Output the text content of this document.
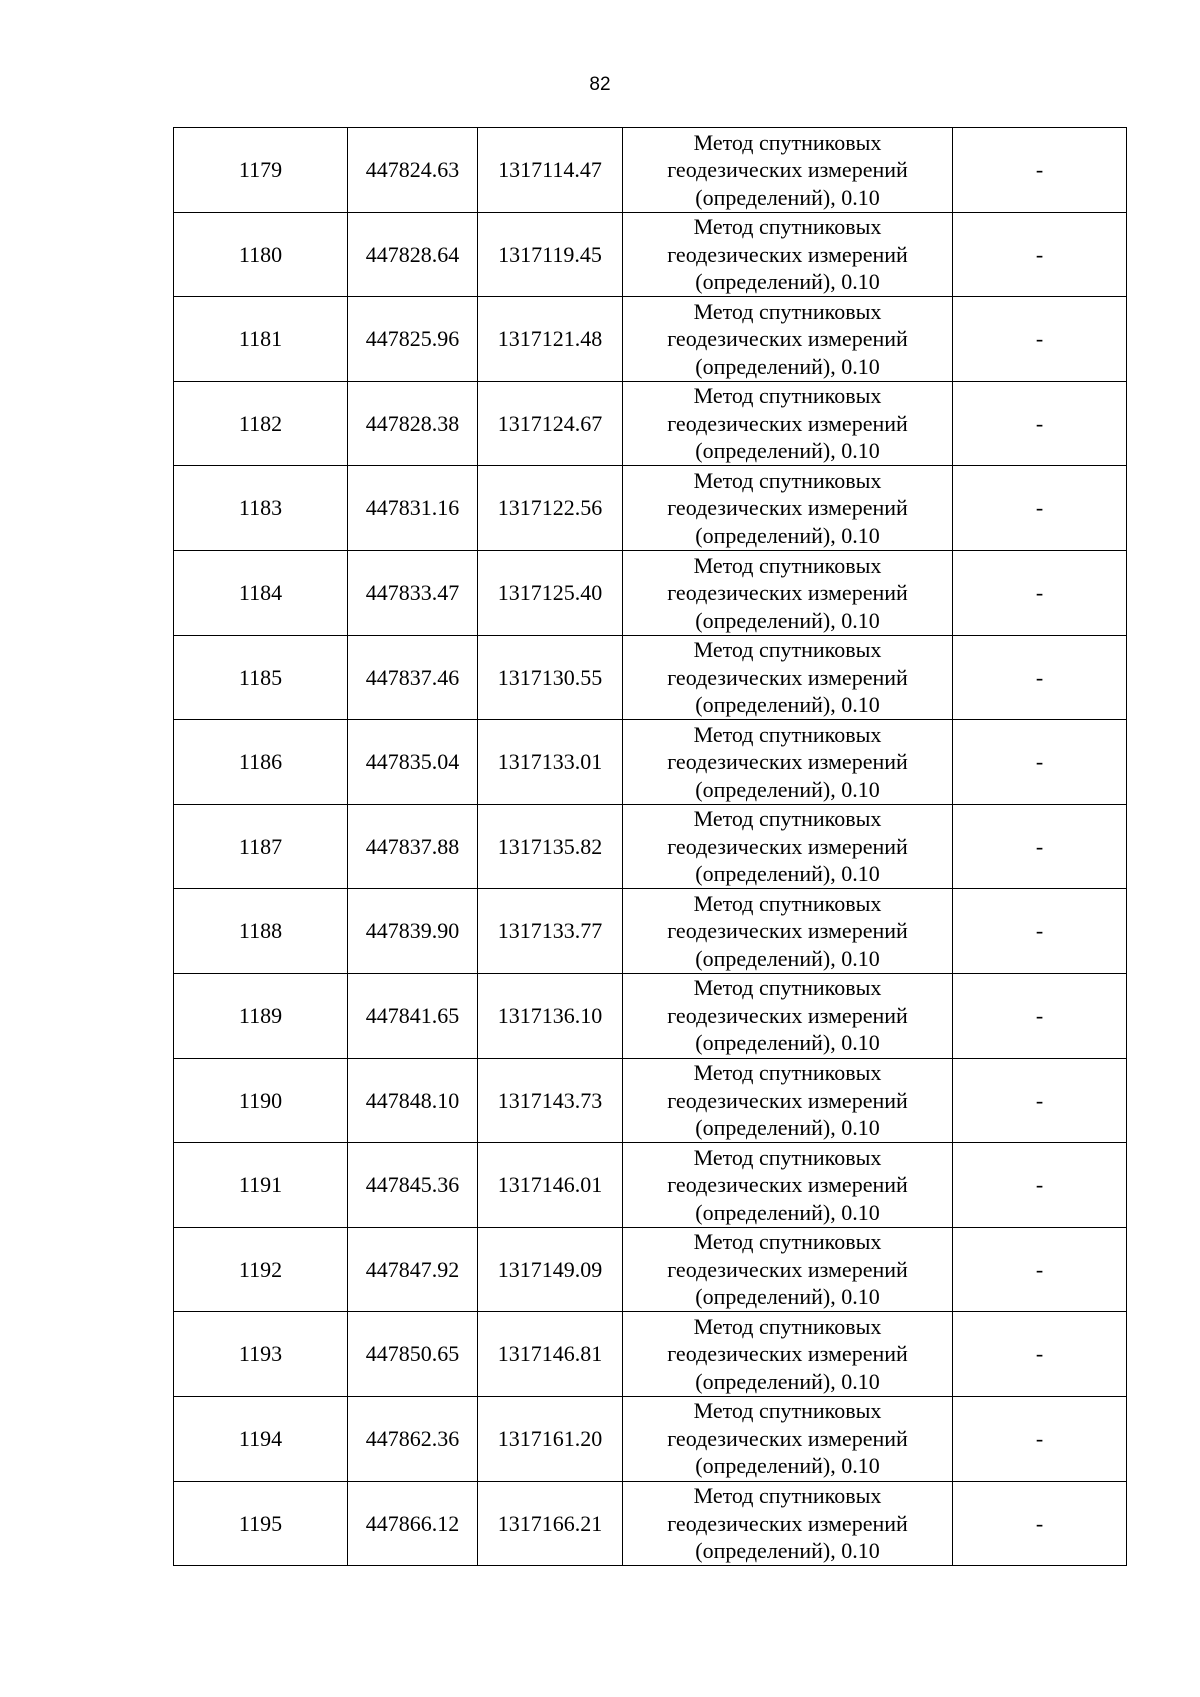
82
1179	447824.63	1317114.47	Метод спутниковых
геодезических измерений
(определений), 0.10	-
1180	447828.64	1317119.45	Метод спутниковых
геодезических измерений
(определений), 0.10	-
1181	447825.96	1317121.48	Метод спутниковых
геодезических измерений
(определений), 0.10	-
1182	447828.38	1317124.67	Метод спутниковых
геодезических измерений
(определений), 0.10	-
1183	447831.16	1317122.56	Метод спутниковых
геодезических измерений
(определений), 0.10	-
1184	447833.47	1317125.40	Метод спутниковых
геодезических измерений
(определений), 0.10	-
1185	447837.46	1317130.55	Метод спутниковых
геодезических измерений
(определений), 0.10	-
1186	447835.04	1317133.01	Метод спутниковых
геодезических измерений
(определений), 0.10	-
1187	447837.88	1317135.82	Метод спутниковых
геодезических измерений
(определений), 0.10	-
1188	447839.90	1317133.77	Метод спутниковых
геодезических измерений
(определений), 0.10	-
1189	447841.65	1317136.10	Метод спутниковых
геодезических измерений
(определений), 0.10	-
1190	447848.10	1317143.73	Метод спутниковых
геодезических измерений
(определений), 0.10	-
1191	447845.36	1317146.01	Метод спутниковых
геодезических измерений
(определений), 0.10	-
1192	447847.92	1317149.09	Метод спутниковых
геодезических измерений
(определений), 0.10	-
1193	447850.65	1317146.81	Метод спутниковых
геодезических измерений
(определений), 0.10	-
1194	447862.36	1317161.20	Метод спутниковых
геодезических измерений
(определений), 0.10	-
1195	447866.12	1317166.21	Метод спутниковых
геодезических измерений
(определений), 0.10	-
